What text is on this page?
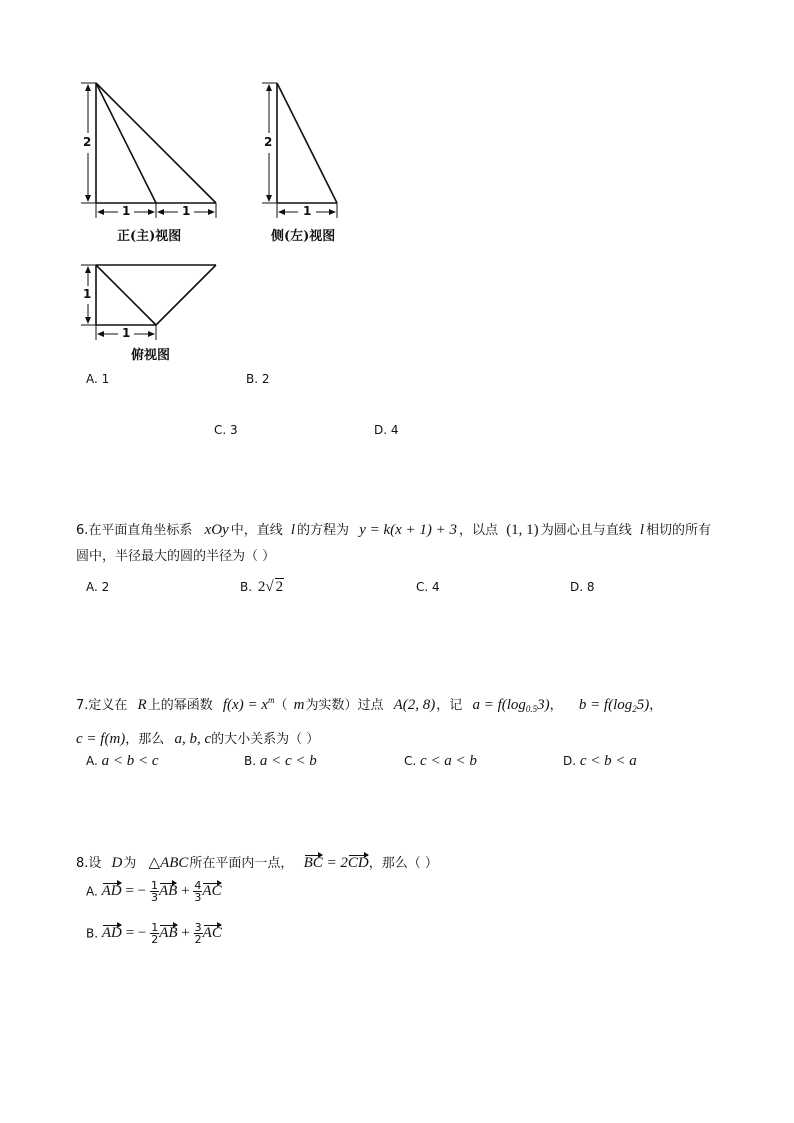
2
1	1
正(主)视图
2
1
侧(左)视图
1
1
俯视图
A. 1	B. 2
C. 3	D. 4
6.在平面直角坐标系 xOy 中，直线 l 的方程为 y = k(x + 1) + 3 ，以点 (1, 1) 为圆心且与直线 l 相切的所有
圆中，半径最大的圆的半径为（ ）
A. 2	B. 2√ 2	C. 4	D. 8
7.定义在 R上的幂函数 $f(x) = x^m$（ m为实数）过点 A(2, 8)，记 $a = f(\log_{0.5}3)$， $b = f(\log_25)$，
c = f(m)，那么 a, b, c的大小关系为（ ）
A. a < b < c	B. a < c < b	C. c < a < b	D. c < b < a
8.设 D为 △ABC所在平面内一点， BC = 2CD，那么（ ）
A. AD = − $\frac{1}{3}$ AB + $\frac{4}{3}$ AC
B. AD = − $\frac{1}{2}$ AB + $\frac{3}{2}$ AC
